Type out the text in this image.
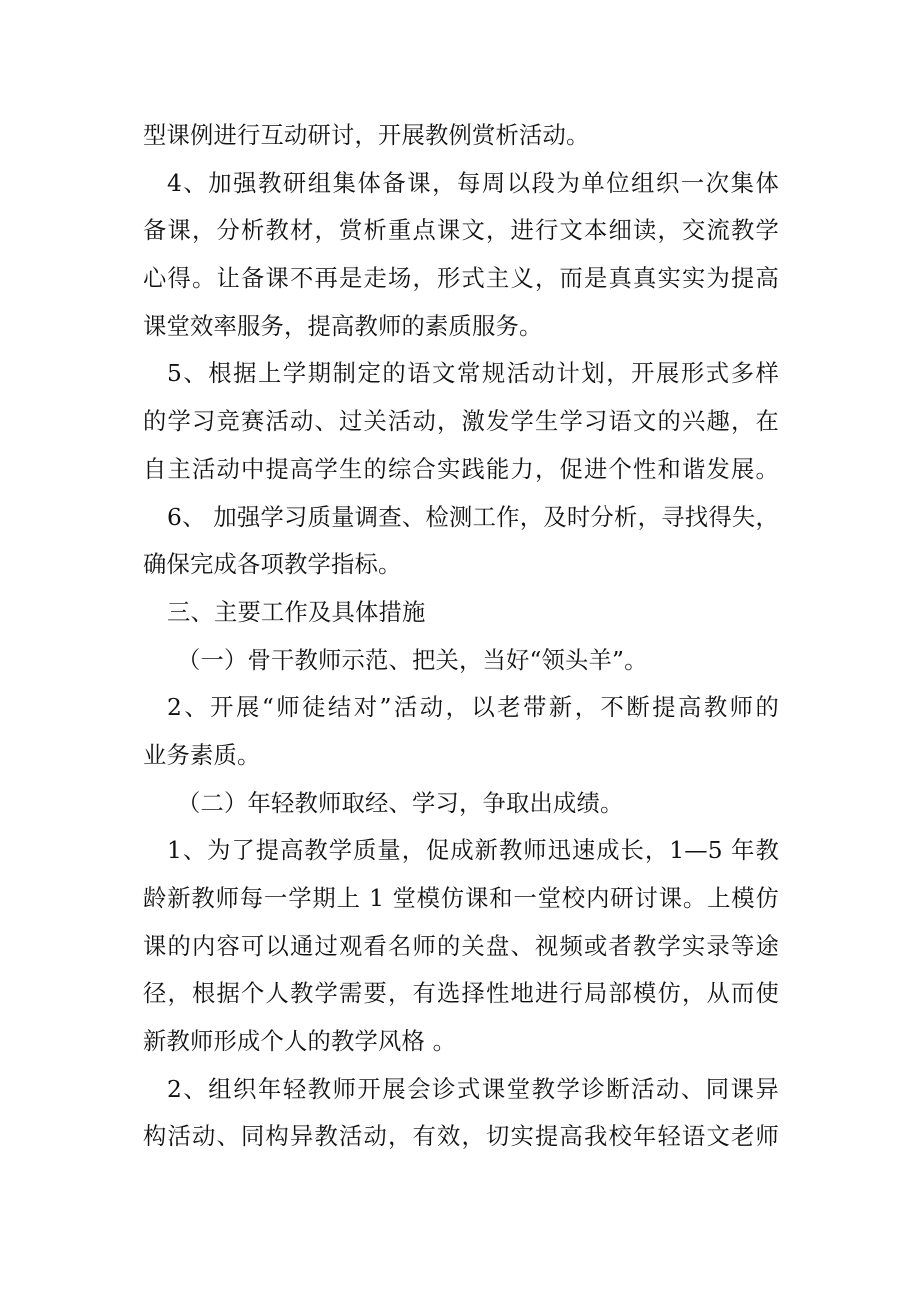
型课例进行互动研讨，开展教例赏析活动。
4、加强教研组集体备课，每周以段为单位组织一次集体
备课，分析教材，赏析重点课文，进行文本细读，交流教学
心得。让备课不再是走场，形式主义，而是真真实实为提高
课堂效率服务，提高教师的素质服务。
5、根据上学期制定的语文常规活动计划，开展形式多样
的学习竞赛活动、过关活动，激发学生学习语文的兴趣，在
自主活动中提高学生的综合实践能力，促进个性和谐发展。
6、 加强学习质量调查、检测工作，及时分析，寻找得失，
确保完成各项教学指标。
三、主要工作及具体措施
（一）骨干教师示范、把关，当好“领头羊”。
2、开展“师徒结对”活动，以老带新，不断提高教师的
业务素质。
（二）年轻教师取经、学习，争取出成绩。
1、为了提高教学质量，促成新教师迅速成长，1—5 年教
龄新教师每一学期上 1 堂模仿课和一堂校内研讨课。上模仿
课的内容可以通过观看名师的关盘、视频或者教学实录等途
径，根据个人教学需要，有选择性地进行局部模仿，从而使
新教师形成个人的教学风格 。
2、组织年轻教师开展会诊式课堂教学诊断活动、同课异
构活动、同构异教活动，有效，切实提高我校年轻语文老师
